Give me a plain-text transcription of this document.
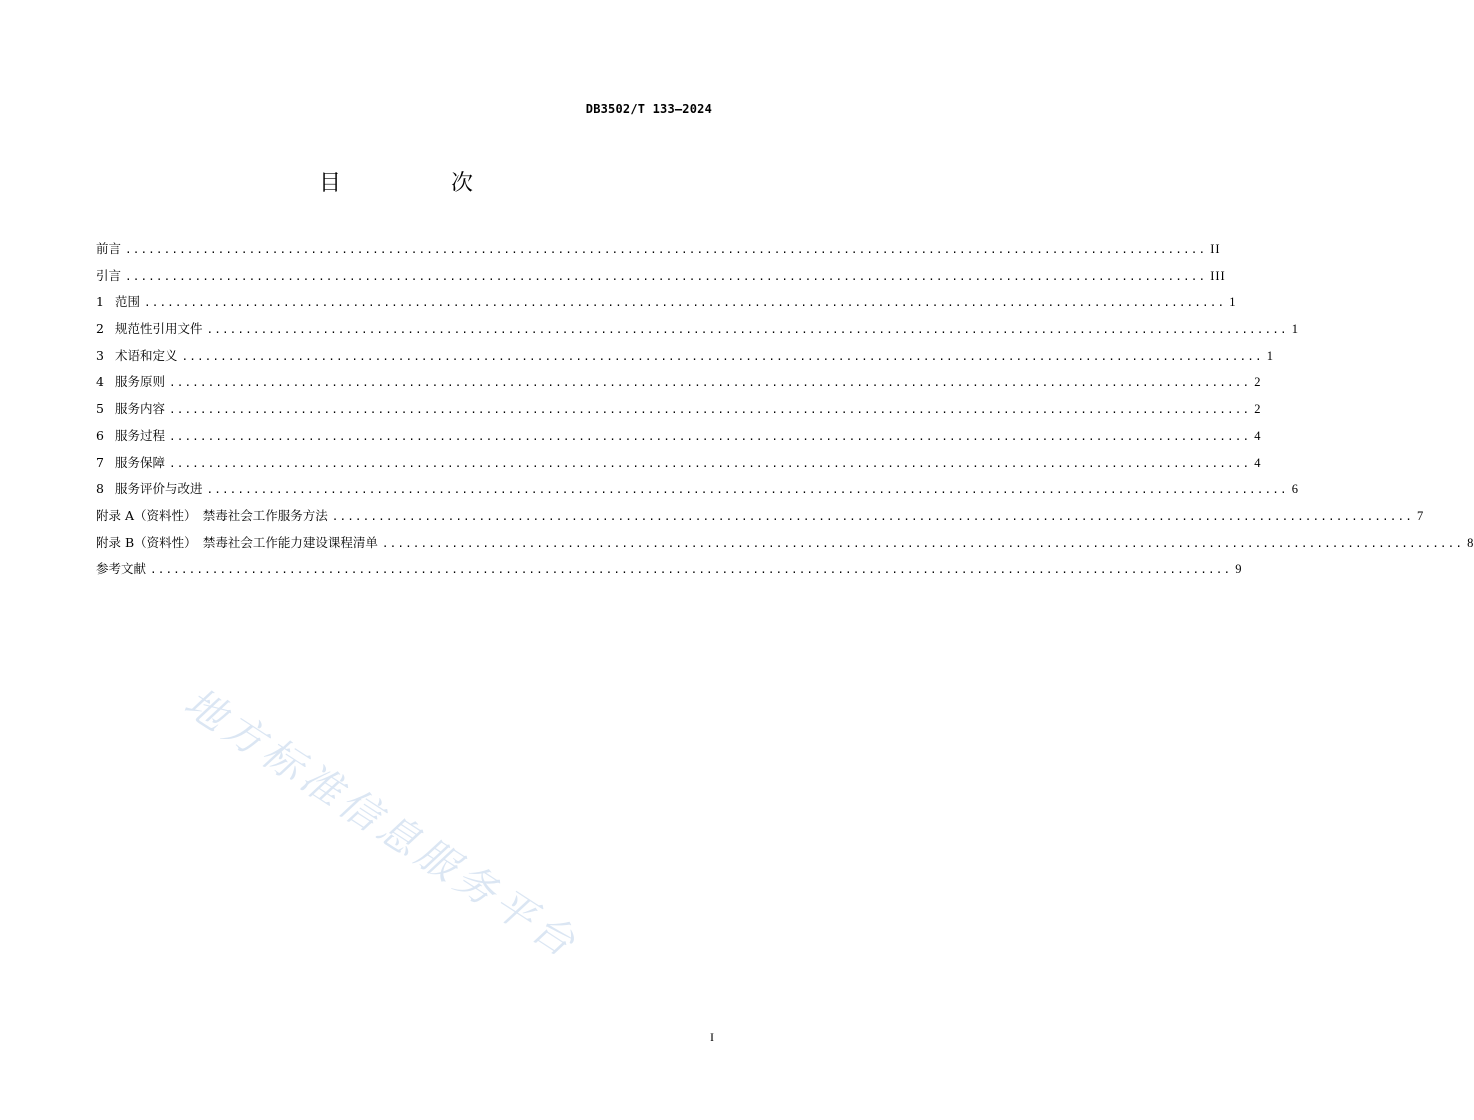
DB3502/T 133—2024
目　次
前言 ............................................................................................................................................ II
引言 ............................................................................................................................................ III
1 范围 ............................................................................................................................................ 1
2 规范性引用文件 ............................................................................................................................................ 1
3 术语和定义 ............................................................................................................................................ 1
4 服务原则 ............................................................................................................................................ 2
5 服务内容 ............................................................................................................................................ 2
6 服务过程 ............................................................................................................................................ 4
7 服务保障 ............................................................................................................................................ 4
8 服务评价与改进 ............................................................................................................................................ 6
附录 A（资料性）　禁毒社会工作服务方法 ............................................................................................................................................ 7
附录 B（资料性）　禁毒社会工作能力建设课程清单 ............................................................................................................................................ 8
参考文献 ............................................................................................................................................ 9
地方标准信息服务平台
I
